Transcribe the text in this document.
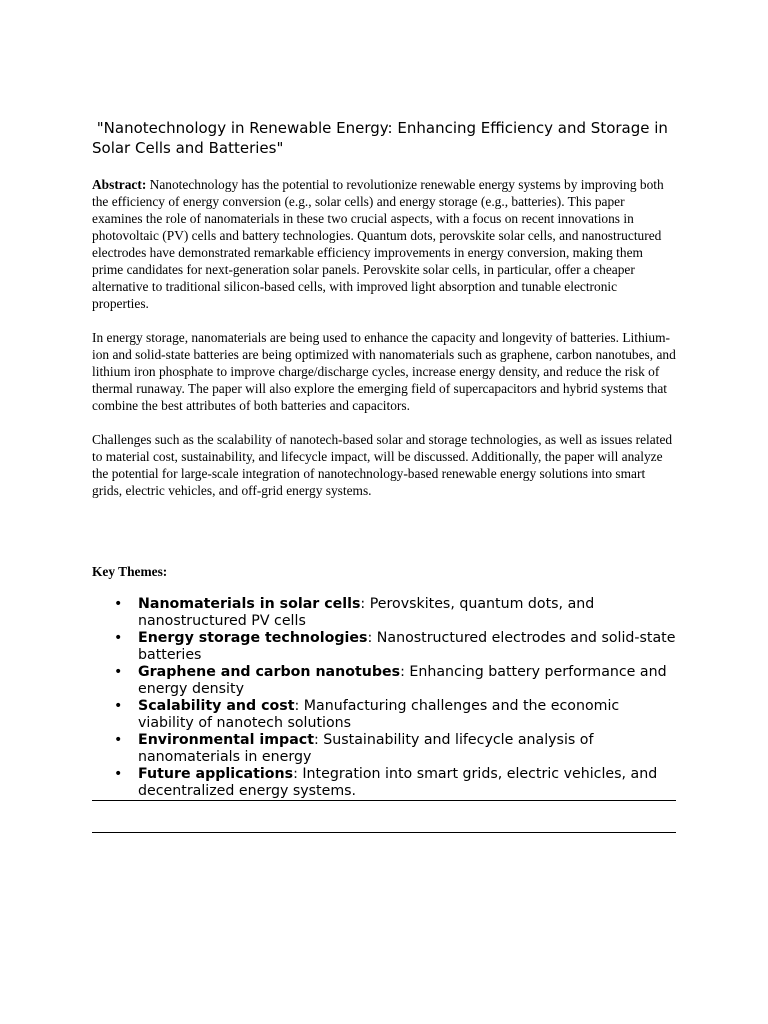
"Nanotechnology in Renewable Energy: Enhancing Efficiency and Storage in Solar Cells and Batteries"

Abstract: Nanotechnology has the potential to revolutionize renewable energy systems by improving both the efficiency of energy conversion (e.g., solar cells) and energy storage (e.g., batteries). This paper examines the role of nanomaterials in these two crucial aspects, with a focus on recent innovations in photovoltaic (PV) cells and battery technologies. Quantum dots, perovskite solar cells, and nanostructured electrodes have demonstrated remarkable efficiency improvements in energy conversion, making them prime candidates for next-generation solar panels. Perovskite solar cells, in particular, offer a cheaper alternative to traditional silicon-based cells, with improved light absorption and tunable electronic properties.

In energy storage, nanomaterials are being used to enhance the capacity and longevity of batteries. Lithium-ion and solid-state batteries are being optimized with nanomaterials such as graphene, carbon nanotubes, and lithium iron phosphate to improve charge/discharge cycles, increase energy density, and reduce the risk of thermal runaway. The paper will also explore the emerging field of supercapacitors and hybrid systems that combine the best attributes of both batteries and capacitors.

Challenges such as the scalability of nanotech-based solar and storage technologies, as well as issues related to material cost, sustainability, and lifecycle impact, will be discussed. Additionally, the paper will analyze the potential for large-scale integration of nanotechnology-based renewable energy solutions into smart grids, electric vehicles, and off-grid energy systems.

Key Themes:
• Nanomaterials in solar cells: Perovskites, quantum dots, and nanostructured PV cells
• Energy storage technologies: Nanostructured electrodes and solid-state batteries
• Graphene and carbon nanotubes: Enhancing battery performance and energy density
• Scalability and cost: Manufacturing challenges and the economic viability of nanotech solutions
• Environmental impact: Sustainability and lifecycle analysis of nanomaterials in energy
• Future applications: Integration into smart grids, electric vehicles, and decentralized energy systems.
